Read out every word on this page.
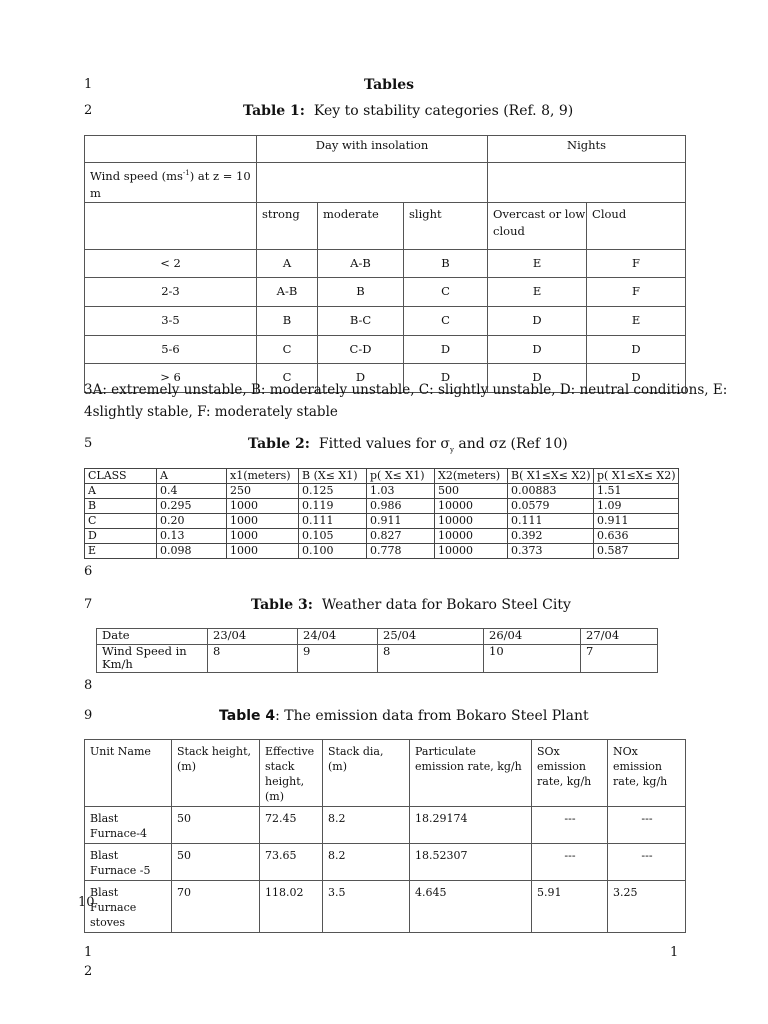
1
2
5
6
7
8
9
10
Tables
Table 1: Key to stability categories (Ref. 8, 9)
	Day with insolation			Nights	
Wind speed $(ms^{-1})$ at z = 10 m					
	strong	moderate	slight	Overcast or low cloud	Cloud
< 2	A	A-B	B	E	F
2-3	A-B	B	C	E	F
3-5	B	B-C	C	D	E
5-6	C	C-D	D	D	D
> 6	C	D	D	D	D
3A: extremely unstable, B: moderately unstable, C: slightly unstable, D: neutral conditions, E:
4slightly stable, F: moderately stable
Table 2: Fitted values for $\sigma_y$ and σz (Ref 10)
CLASS	A	x1(meters)	B (X≤ X1)	p( X≤ X1)	X2(meters)	B( X1≤X≤ X2)	p( X1≤X≤ X2)
A	0.4	250	0.125	1.03	500	0.00883	1.51
B	0.295	1000	0.119	0.986	10000	0.0579	1.09
C	0.20	1000	0.111	0.911	10000	0.111	0.911
D	0.13	1000	0.105	0.827	10000	0.392	0.636
E	0.098	1000	0.100	0.778	10000	0.373	0.587
Table 3: Weather data for Bokaro Steel City
Date	23/04	24/04	25/04	26/04	27/04
Wind Speed in Km/h	8	9	8	10	7
Table 4: The emission data from Bokaro Steel Plant
Unit Name	Stack height, (m)	Effective stack height, (m)	Stack dia, (m)	Particulate emission rate, kg/h	SOx emission rate, kg/h	NOx emission rate, kg/h
Blast Furnace-4	50	72.45	8.2	18.29174	---	---
Blast Furnace -5	50	73.65	8.2	18.52307	---	---
Blast Furnace stoves	70	118.02	3.5	4.645	5.91	3.25
1	1
2
